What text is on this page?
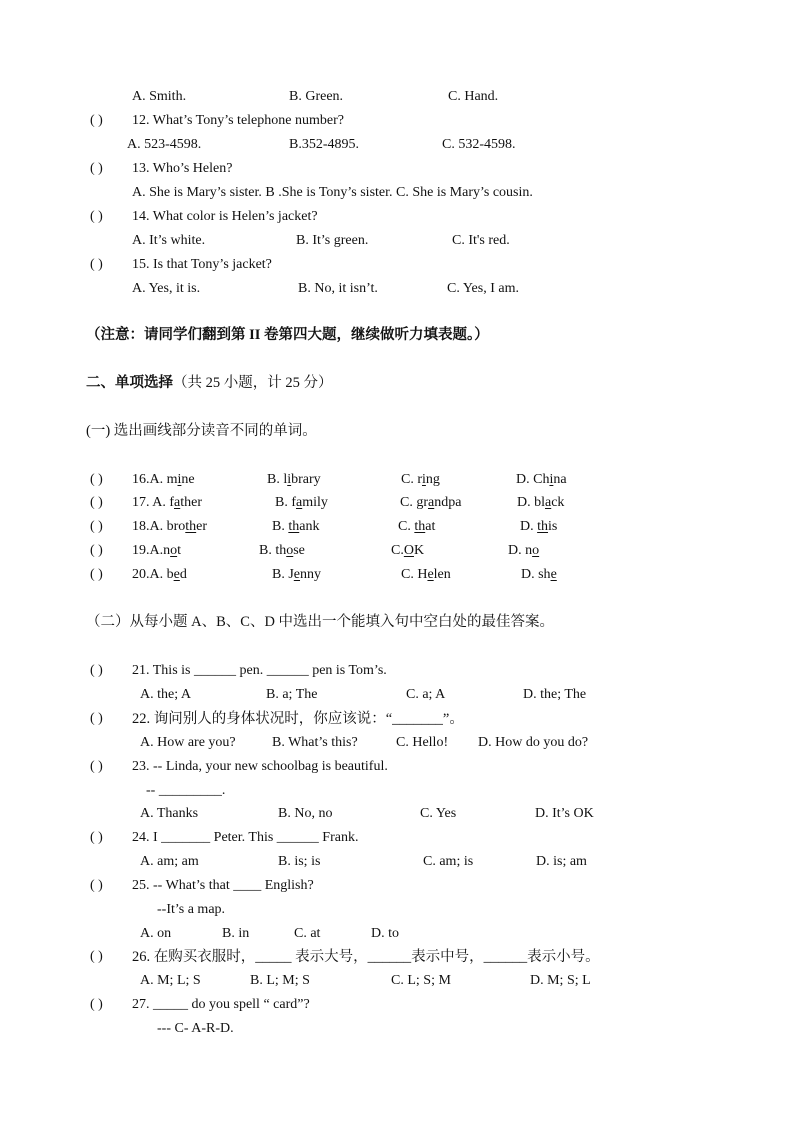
A. Smith.	B. Green.	C. Hand.
( ) 12. What’s Tony’s telephone number?
A. 523-4598.	B.352-4895.	C. 532-4598.
( ) 13. Who’s Helen?
A. She is Mary’s sister. B .She is Tony’s sister. C. She is Mary’s cousin.
( ) 14. What color is Helen’s jacket?
A. It’s white.	B. It’s green.	C. It's red.
( ) 15. Is that Tony’s jacket?
A. Yes, it is.	B. No, it isn’t.	C. Yes, I am.
（注意：请同学们翻到第 II 卷第四大题，继续做听力填表题。）
二、单项选择（共 25 小题，计 25 分）
(一) 选出画线部分读音不同的单词。
( ) 16.A. mine	B. library	C. ring	D. China
( ) 17. A. father	B. family	C. grandpa	D. black
( ) 18.A. brother	B. thank	C. that	D. this
( ) 19.A.not	B. those	C.OK	D. no
( ) 20.A. bed	B. Jenny	C. Helen	D. she
（二）从每小题 A、B、C、D 中选出一个能填入句中空白处的最佳答案。
( ) 21. This is ______ pen. ______ pen is Tom’s.
A. the; A	B. a; The	C. a; A	D. the; The
( ) 22. 询问别人的身体状况时，你应该说：“_______”。
A. How are you?	B. What’s this?	C. Hello! D. How do you do?
( ) 23. -- Linda, your new schoolbag is beautiful.
-- _________.
A. Thanks	B. No, no	C. Yes	D. It’s OK
( ) 24. I _______ Peter. This ______ Frank.
A. am; am	B. is; is	C. am; is	D. is; am
( ) 25. -- What’s that ____ English?
--It’s a map.
A. on	B. in	C. at	D. to
( ) 26. 在购买衣服时，_____ 表示大号，______表示中号，______表示小号。
A. M; L; S	B. L; M; S	C. L; S; M	D. M; S; L
( ) 27. _____ do you spell “ card”?
--- C- A-R-D.
